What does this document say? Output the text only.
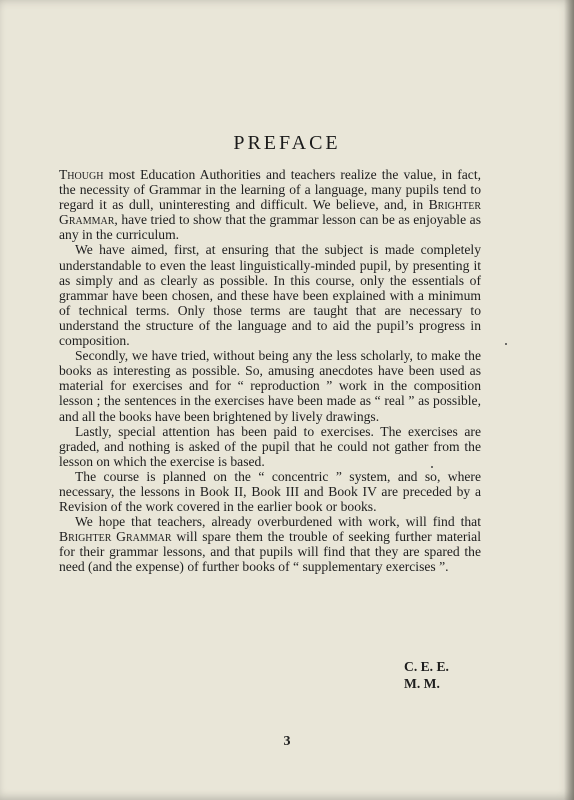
PREFACE

Though most Education Authorities and teachers realize the value, in fact, the necessity of Grammar in the learning of a language, many pupils tend to regard it as dull, uninteresting and difficult. We believe, and, in Brighter Grammar, have tried to show that the grammar lesson can be as enjoyable as any in the curriculum.

We have aimed, first, at ensuring that the subject is made completely understandable to even the least linguistically-minded pupil, by presenting it as simply and as clearly as possible. In this course, only the essentials of grammar have been chosen, and these have been explained with a minimum of technical terms. Only those terms are taught that are necessary to understand the structure of the language and to aid the pupil’s progress in composition.

Secondly, we have tried, without being any the less scholarly, to make the books as interesting as possible. So, amusing anecdotes have been used as material for exercises and for “ reproduction ” work in the composition lesson ; the sentences in the exercises have been made as “ real ” as possible, and all the books have been brightened by lively drawings.

Lastly, special attention has been paid to exercises. The exercises are graded, and nothing is asked of the pupil that he could not gather from the lesson on which the exercise is based.

The course is planned on the “ concentric ” system, and so, where necessary, the lessons in Book II, Book III and Book IV are preceded by a Revision of the work covered in the earlier book or books.

We hope that teachers, already overburdened with work, will find that Brighter Grammar will spare them the trouble of seeking further material for their grammar lessons, and that pupils will find that they are spared the need (and the expense) of further books of “ supplementary exercises ”.

C. E. E.
M. M.
3
